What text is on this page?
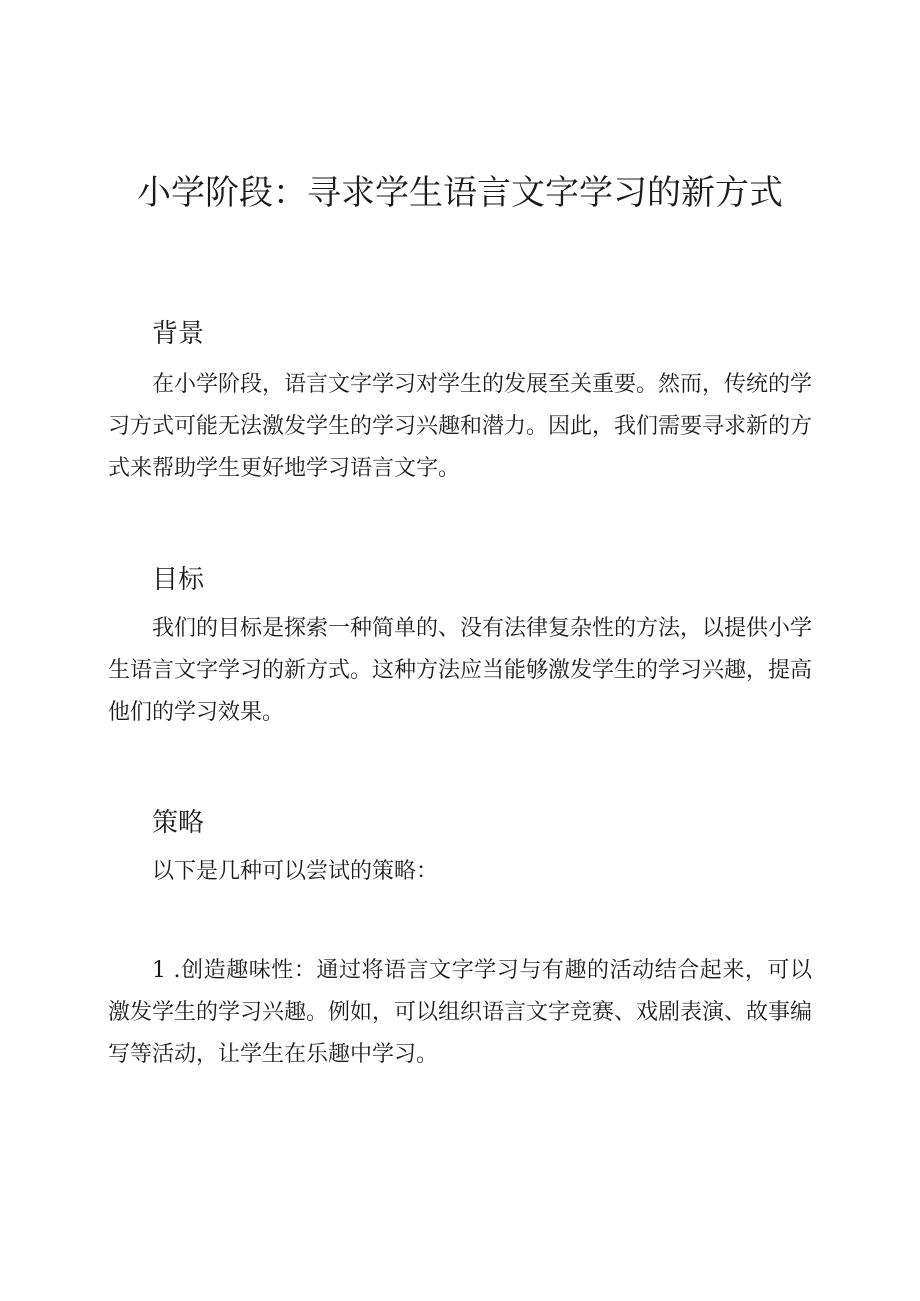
小学阶段：寻求学生语言文字学习的新方式
背景

在小学阶段，语言文字学习对学生的发展至关重要。然而，传统的学习方式可能无法激发学生的学习兴趣和潜力。因此，我们需要寻求新的方式来帮助学生更好地学习语言文字。

目标

我们的目标是探索一种简单的、没有法律复杂性的方法，以提供小学生语言文字学习的新方式。这种方法应当能够激发学生的学习兴趣，提高他们的学习效果。

策略

以下是几种可以尝试的策略：

1 .创造趣味性：通过将语言文字学习与有趣的活动结合起来，可以激发学生的学习兴趣。例如，可以组织语言文字竞赛、戏剧表演、故事编写等活动，让学生在乐趣中学习。
